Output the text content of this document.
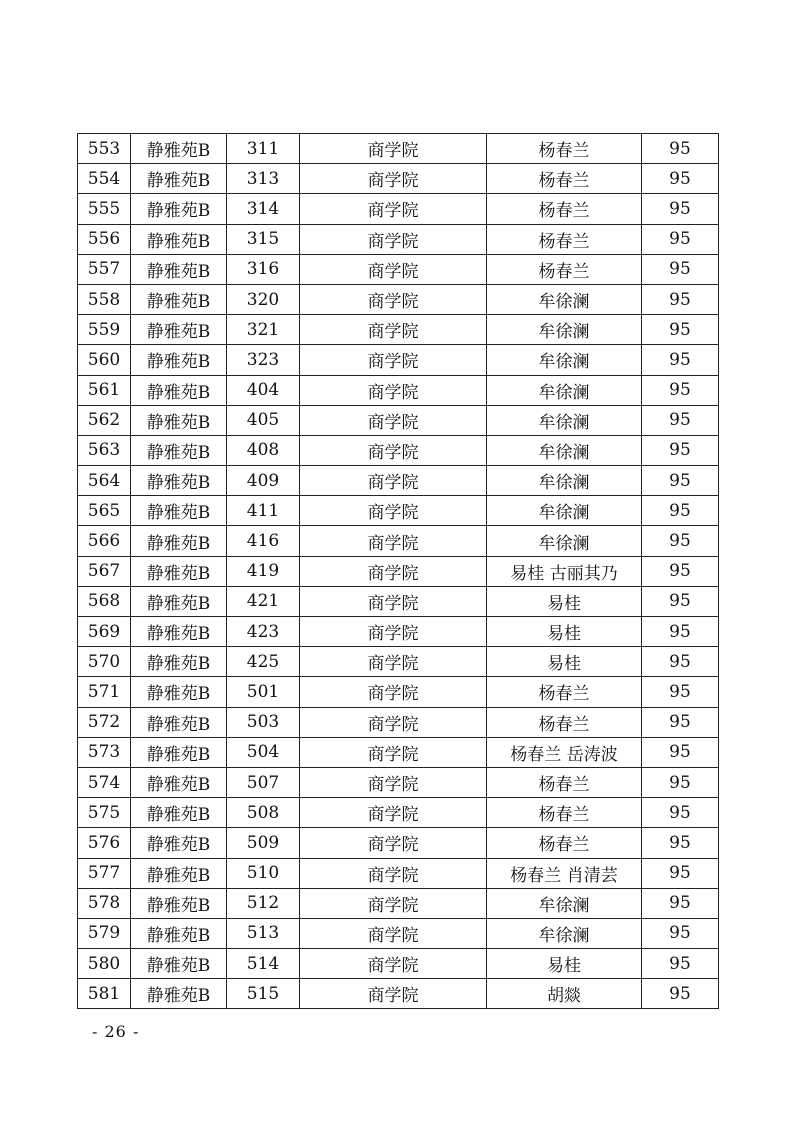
553	静雅苑B	311	商学院	杨春兰	95
554	静雅苑B	313	商学院	杨春兰	95
555	静雅苑B	314	商学院	杨春兰	95
556	静雅苑B	315	商学院	杨春兰	95
557	静雅苑B	316	商学院	杨春兰	95
558	静雅苑B	320	商学院	牟徐澜	95
559	静雅苑B	321	商学院	牟徐澜	95
560	静雅苑B	323	商学院	牟徐澜	95
561	静雅苑B	404	商学院	牟徐澜	95
562	静雅苑B	405	商学院	牟徐澜	95
563	静雅苑B	408	商学院	牟徐澜	95
564	静雅苑B	409	商学院	牟徐澜	95
565	静雅苑B	411	商学院	牟徐澜	95
566	静雅苑B	416	商学院	牟徐澜	95
567	静雅苑B	419	商学院	易桂 古丽其乃	95
568	静雅苑B	421	商学院	易桂	95
569	静雅苑B	423	商学院	易桂	95
570	静雅苑B	425	商学院	易桂	95
571	静雅苑B	501	商学院	杨春兰	95
572	静雅苑B	503	商学院	杨春兰	95
573	静雅苑B	504	商学院	杨春兰 岳涛波	95
574	静雅苑B	507	商学院	杨春兰	95
575	静雅苑B	508	商学院	杨春兰	95
576	静雅苑B	509	商学院	杨春兰	95
577	静雅苑B	510	商学院	杨春兰 肖清芸	95
578	静雅苑B	512	商学院	牟徐澜	95
579	静雅苑B	513	商学院	牟徐澜	95
580	静雅苑B	514	商学院	易桂	95
581	静雅苑B	515	商学院	胡燚	95
- 26 -
